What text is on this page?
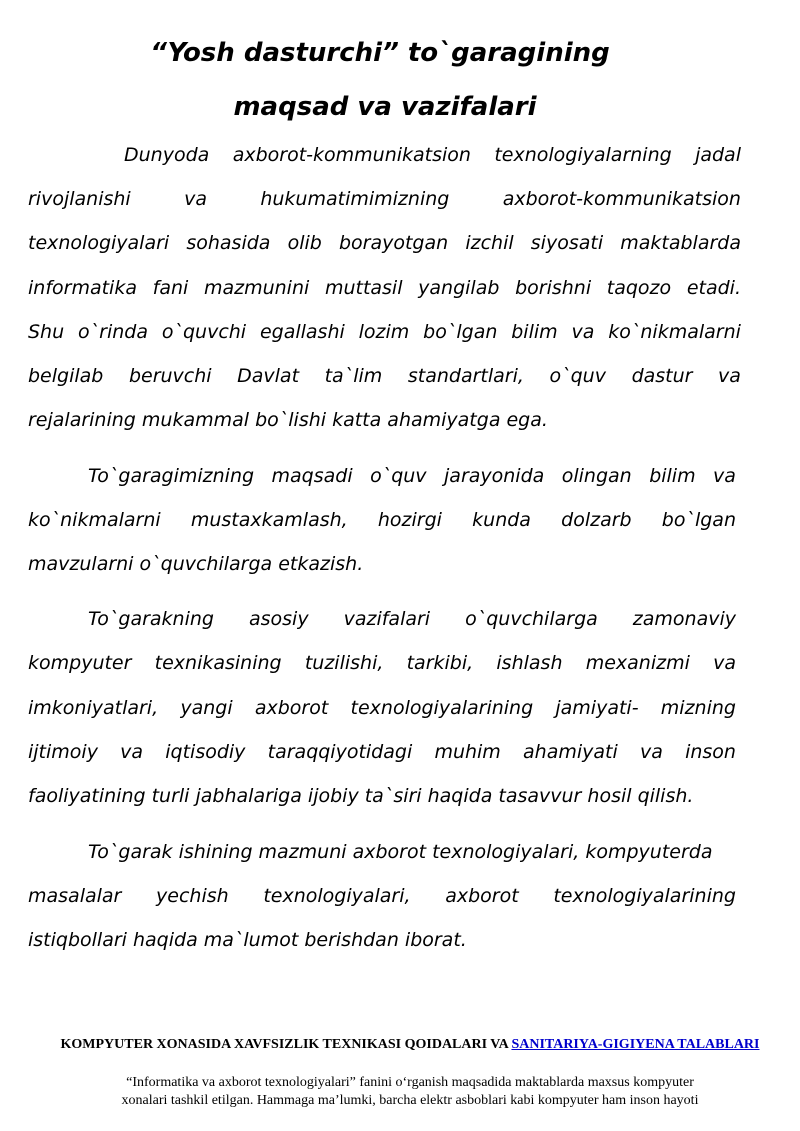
“Yosh dasturchi” to`garagining
maqsad va vazifalari
Dunyoda axborot-kommunikatsion texnologiyalarning jadal
rivojlanishi	va	hukumatimimizning	axborot-kommunikatsion
texnologiyalari sohasida olib borayotgan izchil siyosati maktablarda
informatika fani mazmunini muttasil yangilab borishni taqozo etadi.
Shu o`rinda o`quvchi egallashi lozim bo`lgan bilim va ko`nikmalarni
belgilab beruvchi Davlat ta`lim standartlari, o`quv dastur va
rejalarining mukammal bo`lishi katta ahamiyatga ega.
To`garagimizning maqsadi o`quv jarayonida olingan bilim va
ko`nikmalarni mustaxkamlash, hozirgi kunda dolzarb bo`lgan
mavzularni o`quvchilarga etkazish.
To`garakning asosiy vazifalari o`quvchilarga zamonaviy
kompyuter texnikasining tuzilishi, tarkibi, ishlash mexanizmi va
imkoniyatlari, yangi axborot texnologiyalarining jamiyati- mizning
ijtimoiy va iqtisodiy taraqqiyotidagi muhim ahamiyati va inson
faoliyatining turli jabhalariga ijobiy ta`siri haqida tasavvur hosil qilish.
To`garak ishining mazmuni axborot texnologiyalari, kompyuterda
masalalar yechish texnologiyalari, axborot texnologiyalarining
istiqbollari haqida ma`lumot berishdan iborat.
KOMPYUTER XONASIDA XAVFSIZLIK TEXNIKASI QOIDALARI VA SANITARIYA-GIGIYENA TALABLARI
“Informatika va axborot texnologiyalari” fanini o‘rganish maqsadida maktablarda maxsus kompyuter
xonalari tashkil etilgan. Hammaga ma’lumki, barcha elektr asboblari kabi kompyuter ham inson hayoti
